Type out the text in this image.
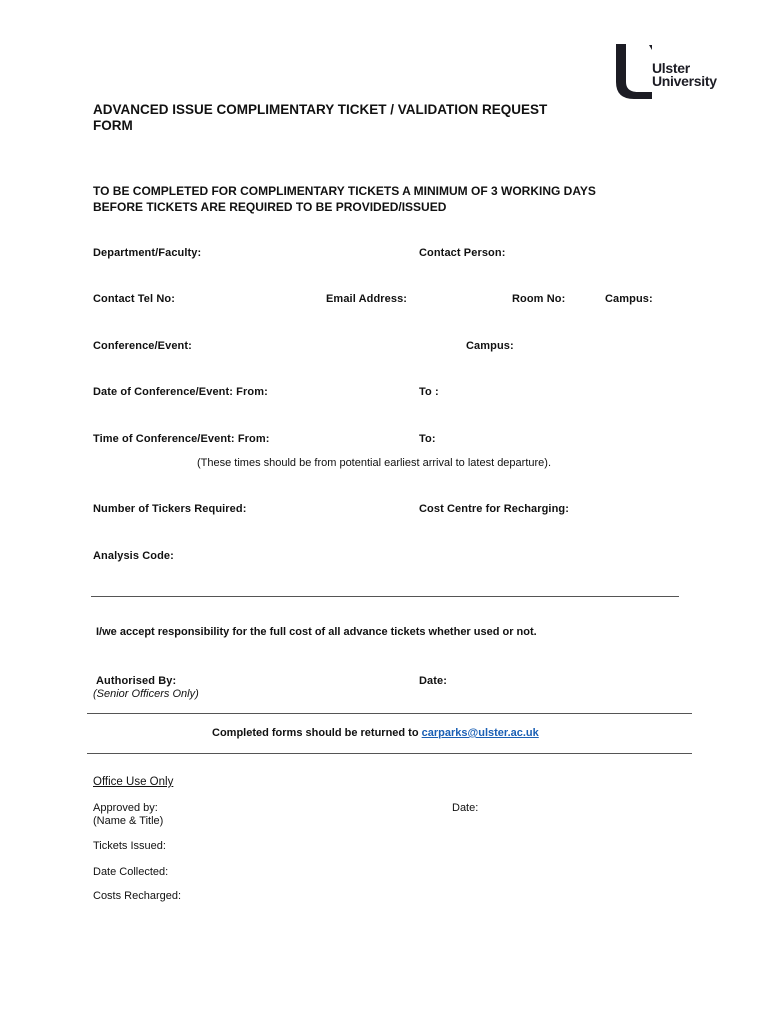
Ulster
University
ADVANCED ISSUE COMPLIMENTARY TICKET / VALIDATION REQUEST
FORM
TO BE COMPLETED FOR COMPLIMENTARY TICKETS A MINIMUM OF 3 WORKING DAYS
BEFORE TICKETS ARE REQUIRED TO BE PROVIDED/ISSUED
Department/Faculty:	Contact Person:
Contact Tel No:	Email Address:	Room No:	Campus:
Conference/Event:	Campus:
Date of Conference/Event: From:	To :
Time of Conference/Event: From:	To:
(These times should be from potential earliest arrival to latest departure).
Number of Tickers Required:	Cost Centre for Recharging:
Analysis Code:
I/we accept responsibility for the full cost of all advance tickets whether used or not.
Authorised By:
(Senior Officers Only)
Date:
Completed forms should be returned to carparks@ulster.ac.uk
Office Use Only
Approved by:
(Name & Title)
Date:
Tickets Issued:
Date Collected:
Costs Recharged:
